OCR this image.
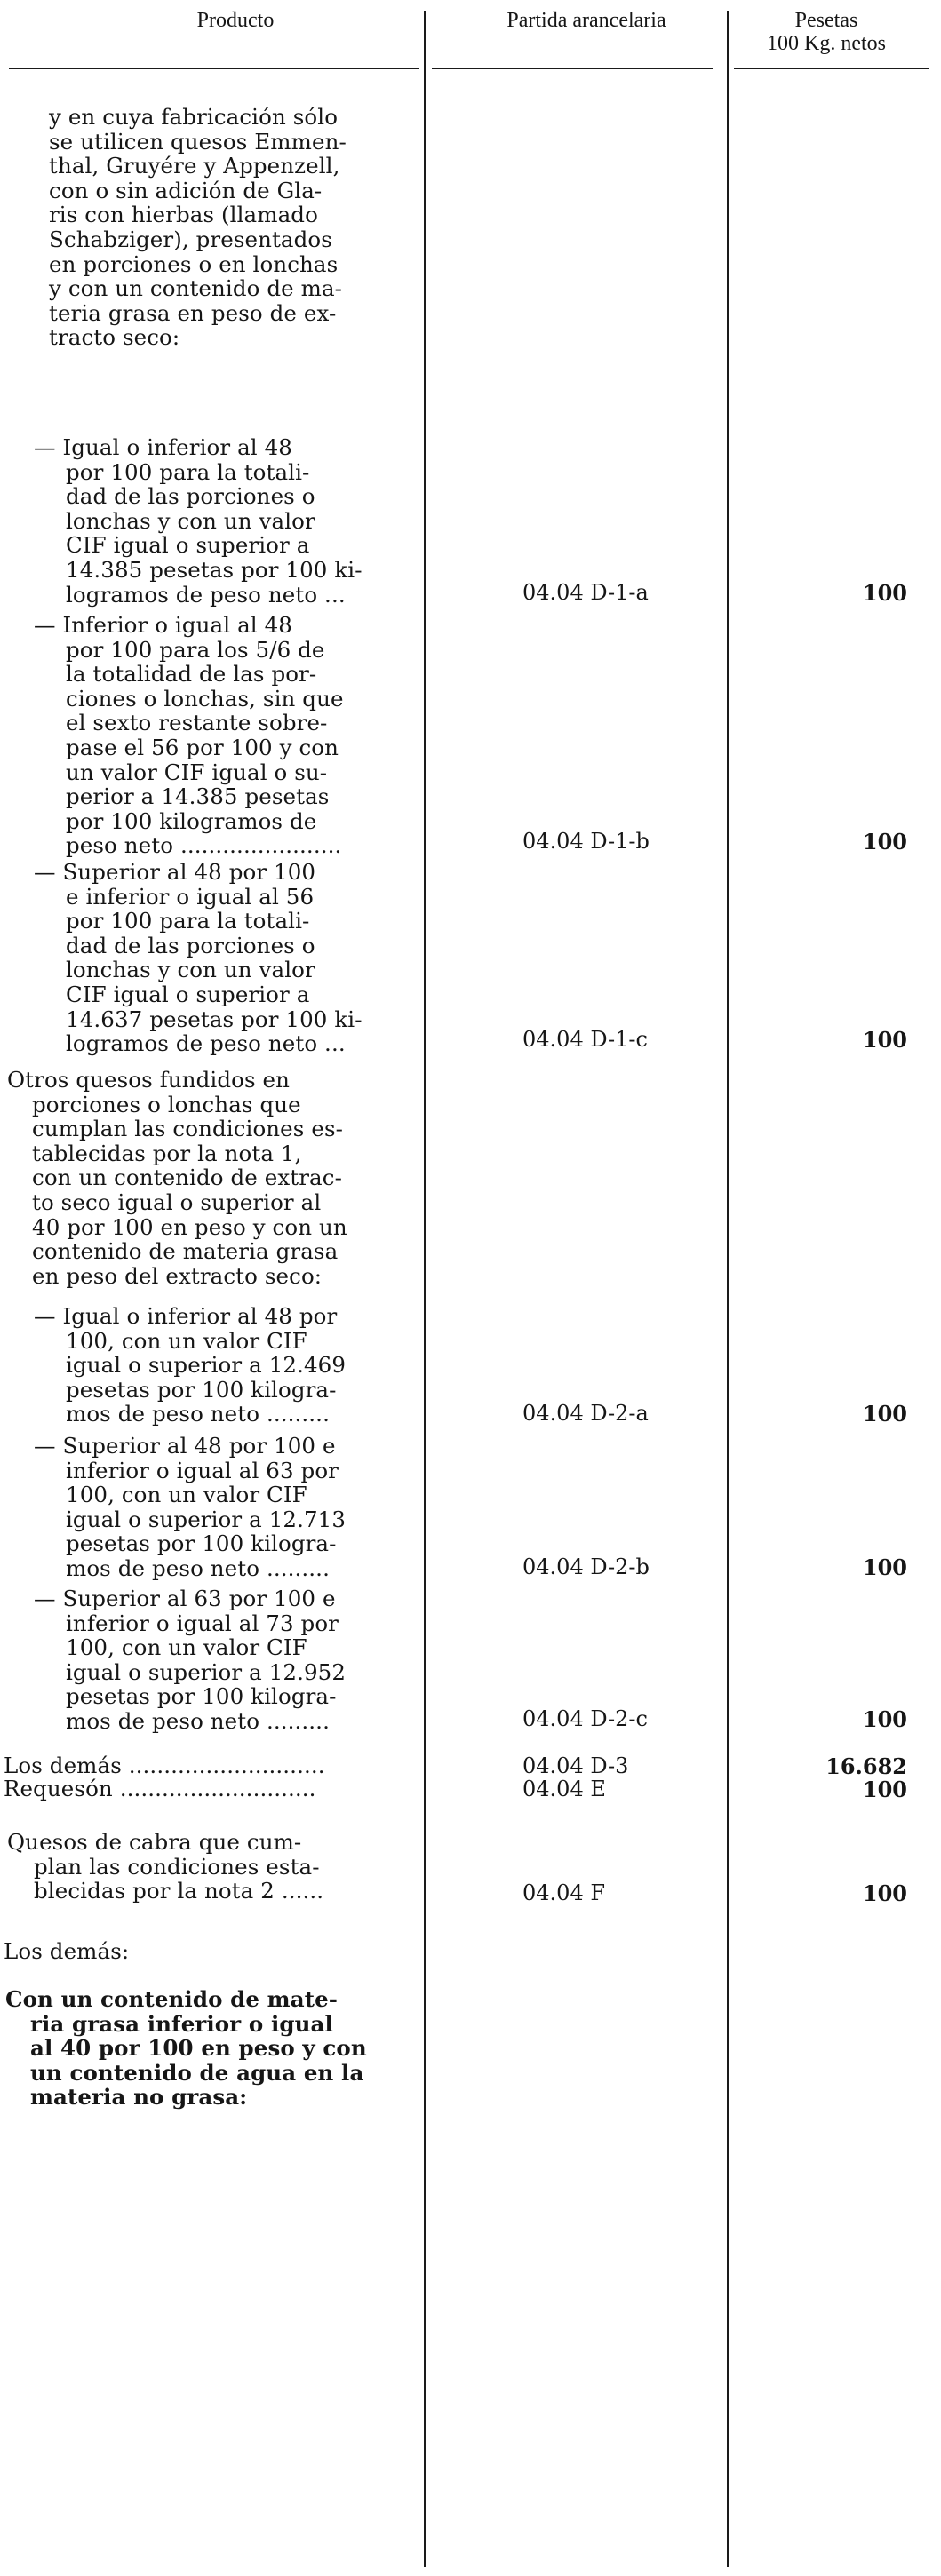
Producto	Partida arancelaria	Pesetas
100 Kg. netos
y en cuya fabricación sólo
se utilicen quesos Emmen-
thal, Gruyére y Appenzell,
con o sin adición de Gla-
ris con hierbas (llamado
Schabziger), presentados
en porciones o en lonchas
y con un contenido de ma-
teria grasa en peso de ex-
tracto seco:
— Igual o inferior al 48
por 100 para la totali-
dad de las porciones o
lonchas y con un valor
CIF igual o superior a
14.385 pesetas por 100 ki-
logramos de peso neto ...	04.04 D-1-a	100
— Inferior o igual al 48
por 100 para los 5/6 de
la totalidad de las por-
ciones o lonchas, sin que
el sexto restante sobre-
pase el 56 por 100 y con
un valor CIF igual o su-
perior a 14.385 pesetas
por 100 kilogramos de
peso neto .......................	04.04 D-1-b	100
— Superior al 48 por 100
e inferior o igual al 56
por 100 para la totali-
dad de las porciones o
lonchas y con un valor
CIF igual o superior a
14.637 pesetas por 100 ki-
logramos de peso neto ...	04.04 D-1-c	100
Otros quesos fundidos en
porciones o lonchas que
cumplan las condiciones es-
tablecidas por la nota 1,
con un contenido de extrac-
to seco igual o superior al
40 por 100 en peso y con un
contenido de materia grasa
en peso del extracto seco:
— Igual o inferior al 48 por
100, con un valor CIF
igual o superior a 12.469
pesetas por 100 kilogra-
mos de peso neto .........	04.04 D-2-a	100
— Superior al 48 por 100 e
inferior o igual al 63 por
100, con un valor CIF
igual o superior a 12.713
pesetas por 100 kilogra-
mos de peso neto .........	04.04 D-2-b	100
— Superior al 63 por 100 e
inferior o igual al 73 por
100, con un valor CIF
igual o superior a 12.952
pesetas por 100 kilogra-
mos de peso neto .........	04.04 D-2-c	100
Los demás ............................	04.04 D-3	16.682
Requesón ............................	04.04 E	100
Quesos de cabra que cum-
plan las condiciones esta-
blecidas por la nota 2 ......	04.04 F	100
Los demás:
Con un contenido de mate-
ria grasa inferior o igual
al 40 por 100 en peso y con
un contenido de agua en la
materia no grasa:
